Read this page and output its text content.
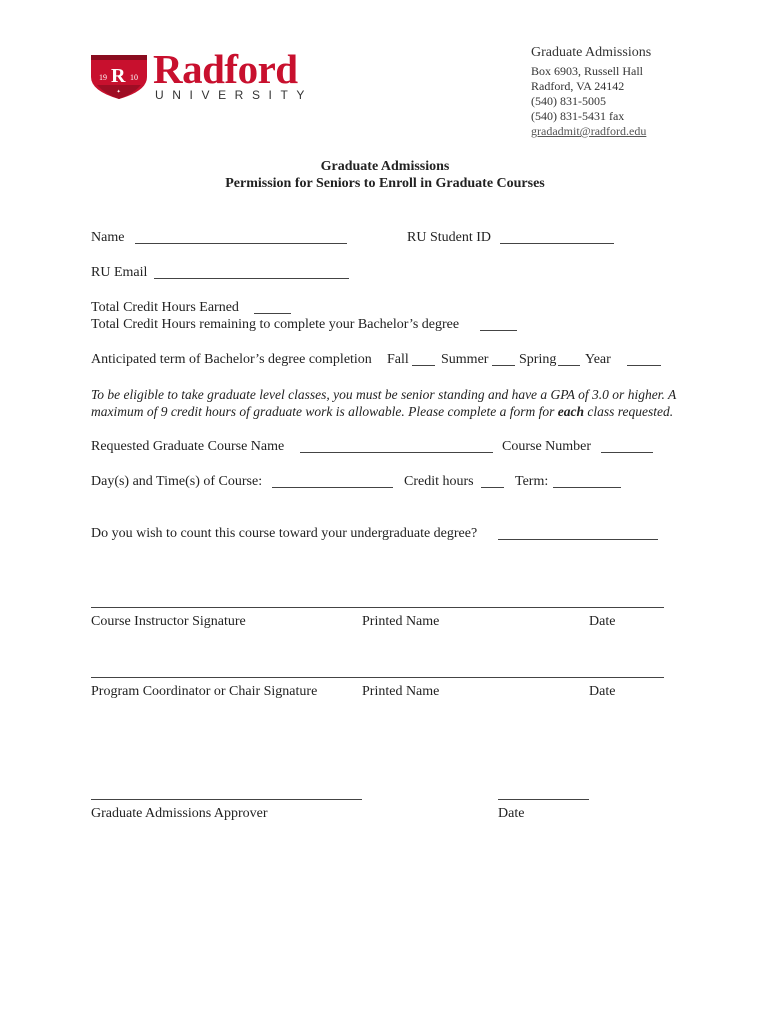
19 R 10
✦ Radford
UNIVERSITY
Graduate Admissions
Box 6903, Russell Hall
Radford, VA 24142
(540) 831-5005
(540) 831-5431 fax
gradadmit@radford.edu
Graduate Admissions
Permission for Seniors to Enroll in Graduate Courses
Name	RU Student ID
RU Email
Total Credit Hours Earned
Total Credit Hours remaining to complete your Bachelor’s degree
Anticipated term of Bachelor’s degree completion Fall Summer Spring Year
To be eligible to take graduate level classes, you must be senior standing and have a GPA of 3.0 or higher. A
maximum of 9 credit hours of graduate work is allowable. Please complete a form for each class requested.
Requested Graduate Course Name	Course Number
Day(s) and Time(s) of Course:	Credit hours	Term:
Do you wish to count this course toward your undergraduate degree?
Course Instructor Signature	Printed Name	Date
Program Coordinator or Chair Signature	Printed Name	Date
Graduate Admissions Approver	Date
